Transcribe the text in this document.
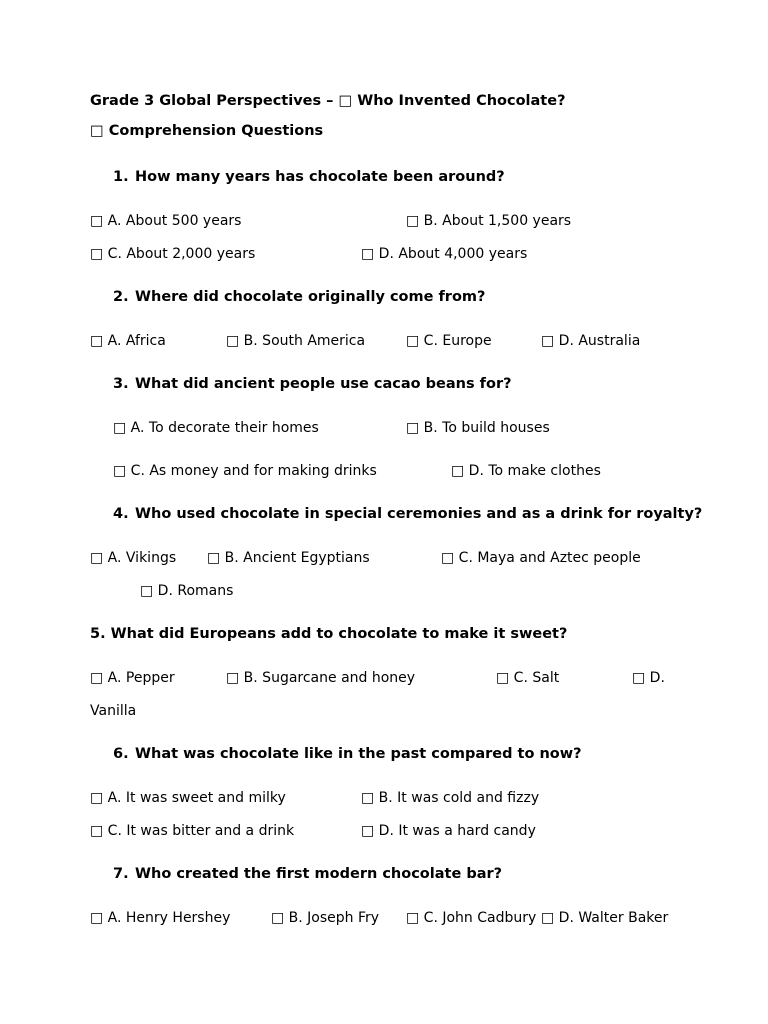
Grade 3 Global Perspectives – □ Who Invented Chocolate?
□ Comprehension Questions
1. How many years has chocolate been around?
□ A. About 500 years	□ B. About 1,500 years
□ C. About 2,000 years	□ D. About 4,000 years
2. Where did chocolate originally come from?
□ A. Africa	□ B. South America	□ C. Europe	□ D. Australia
3. What did ancient people use cacao beans for?
□ A. To decorate their homes	□ B. To build houses
□ C. As money and for making drinks	□ D. To make clothes
4. Who used chocolate in special ceremonies and as a drink for royalty?
□ A. Vikings □ B. Ancient Egyptians	□ C. Maya and Aztec people
□ D. Romans
5. What did Europeans add to chocolate to make it sweet?
□ A. Pepper	□ B. Sugarcane and honey	□ C. Salt	□ D.
Vanilla
6. What was chocolate like in the past compared to now?
□ A. It was sweet and milky	□ B. It was cold and fizzy
□ C. It was bitter and a drink	□ D. It was a hard candy
7. Who created the first modern chocolate bar?
□ A. Henry Hershey	□ B. Joseph Fry □ C. John Cadbury □ D. Walter Baker
